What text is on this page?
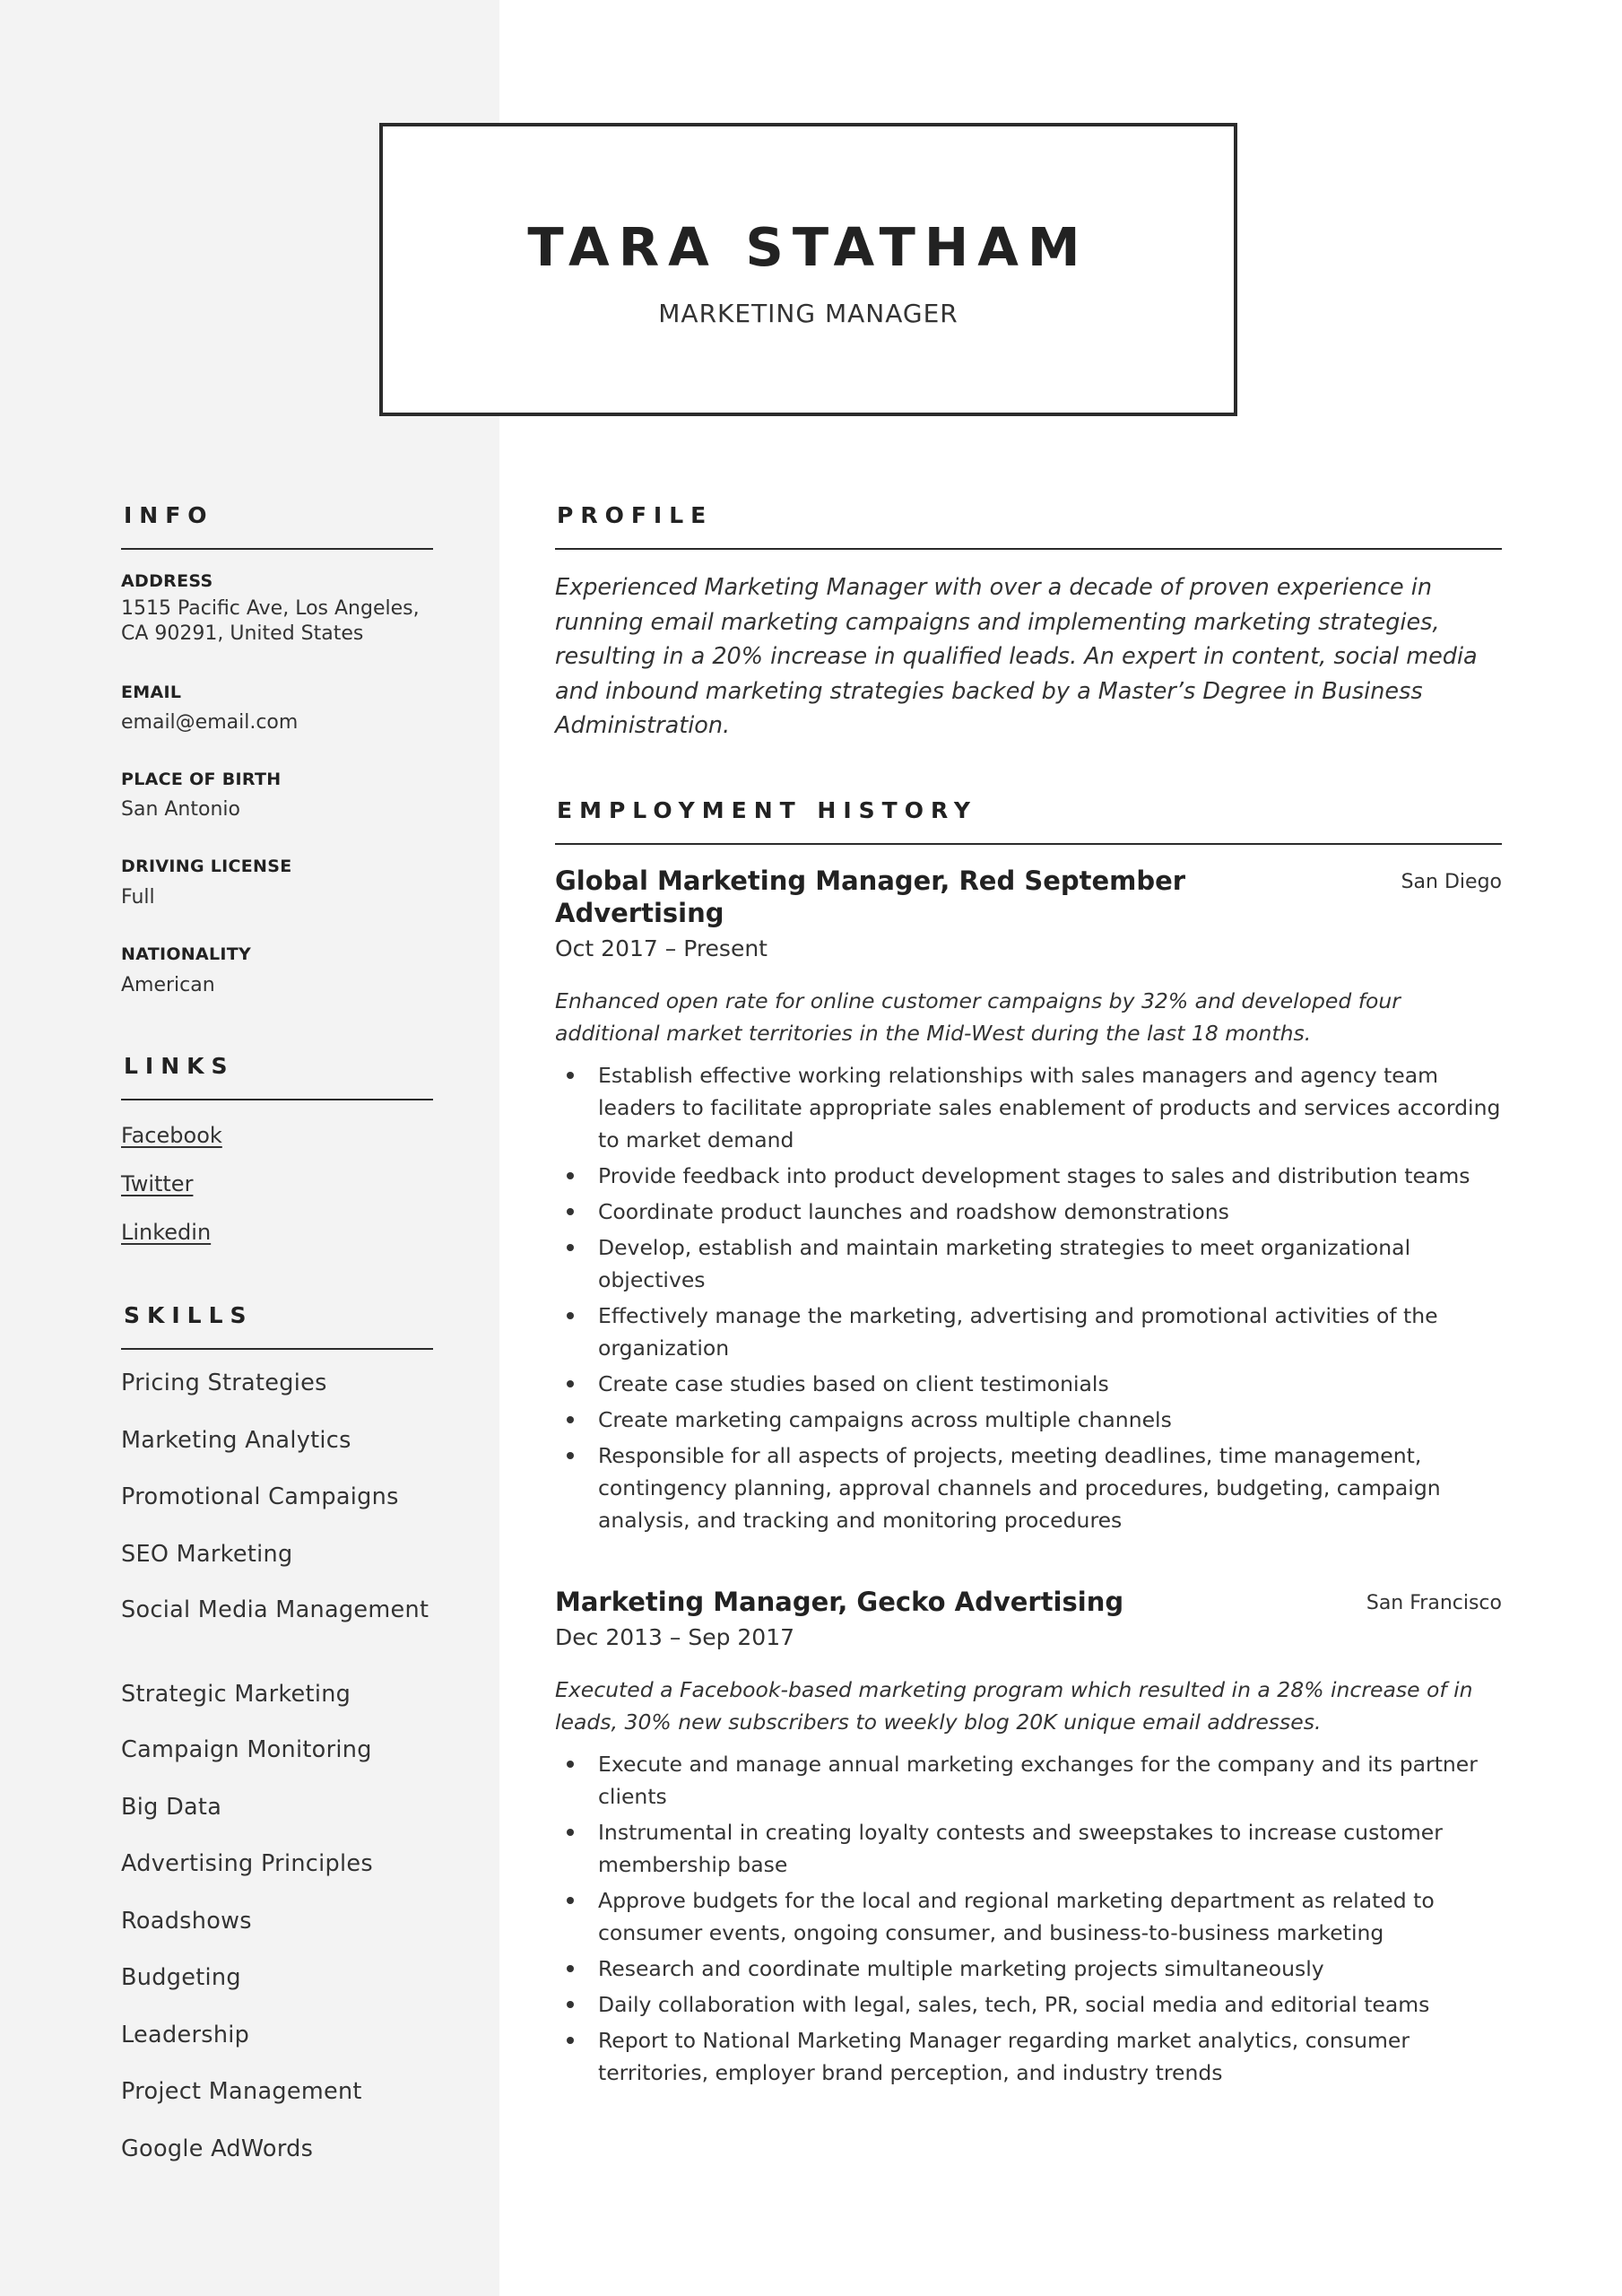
TARA STATHAM
MARKETING MANAGER
INFO
ADDRESS
1515 Pacific Ave, Los Angeles, CA 90291, United States
EMAIL
email@email.com
PLACE OF BIRTH
San Antonio
DRIVING LICENSE
Full
NATIONALITY
American
LINKS
Facebook
Twitter
Linkedin
SKILLS
Pricing Strategies
Marketing Analytics
Promotional Campaigns
SEO Marketing
Social Media Management
Strategic Marketing
Campaign Monitoring
Big Data
Advertising Principles
Roadshows
Budgeting
Leadership
Project Management
Google AdWords
PROFILE

Experienced Marketing Manager with over a decade of proven experience in running email marketing campaigns and implementing marketing strategies, resulting in a 20% increase in qualified leads. An expert in content, social media and inbound marketing strategies backed by a Master’s Degree in Business Administration.

EMPLOYMENT HISTORY
Global Marketing Manager, Red September Advertising
San Diego
Oct 2017 – Present

Enhanced open rate for online customer campaigns by 32% and developed four additional market territories in the Mid-West during the last 18 months.

Establish effective working relationships with sales managers and agency team leaders to facilitate appropriate sales enablement of products and services according to market demand
Provide feedback into product development stages to sales and distribution teams
Coordinate product launches and roadshow demonstrations
Develop, establish and maintain marketing strategies to meet organizational objectives
Effectively manage the marketing, advertising and promotional activities of the organization
Create case studies based on client testimonials
Create marketing campaigns across multiple channels
Responsible for all aspects of projects, meeting deadlines, time management, contingency planning, approval channels and procedures, budgeting, campaign analysis, and tracking and monitoring procedures
Marketing Manager, Gecko Advertising	San Francisco
Dec 2013 – Sep 2017

Executed a Facebook-based marketing program which resulted in a 28% increase of in leads, 30% new subscribers to weekly blog 20K unique email addresses.

Execute and manage annual marketing exchanges for the company and its partner clients
Instrumental in creating loyalty contests and sweepstakes to increase customer membership base
Approve budgets for the local and regional marketing department as related to consumer events, ongoing consumer, and business-to-business marketing
Research and coordinate multiple marketing projects simultaneously
Daily collaboration with legal, sales, tech, PR, social media and editorial teams
Report to National Marketing Manager regarding market analytics, consumer territories, employer brand perception, and industry trends
